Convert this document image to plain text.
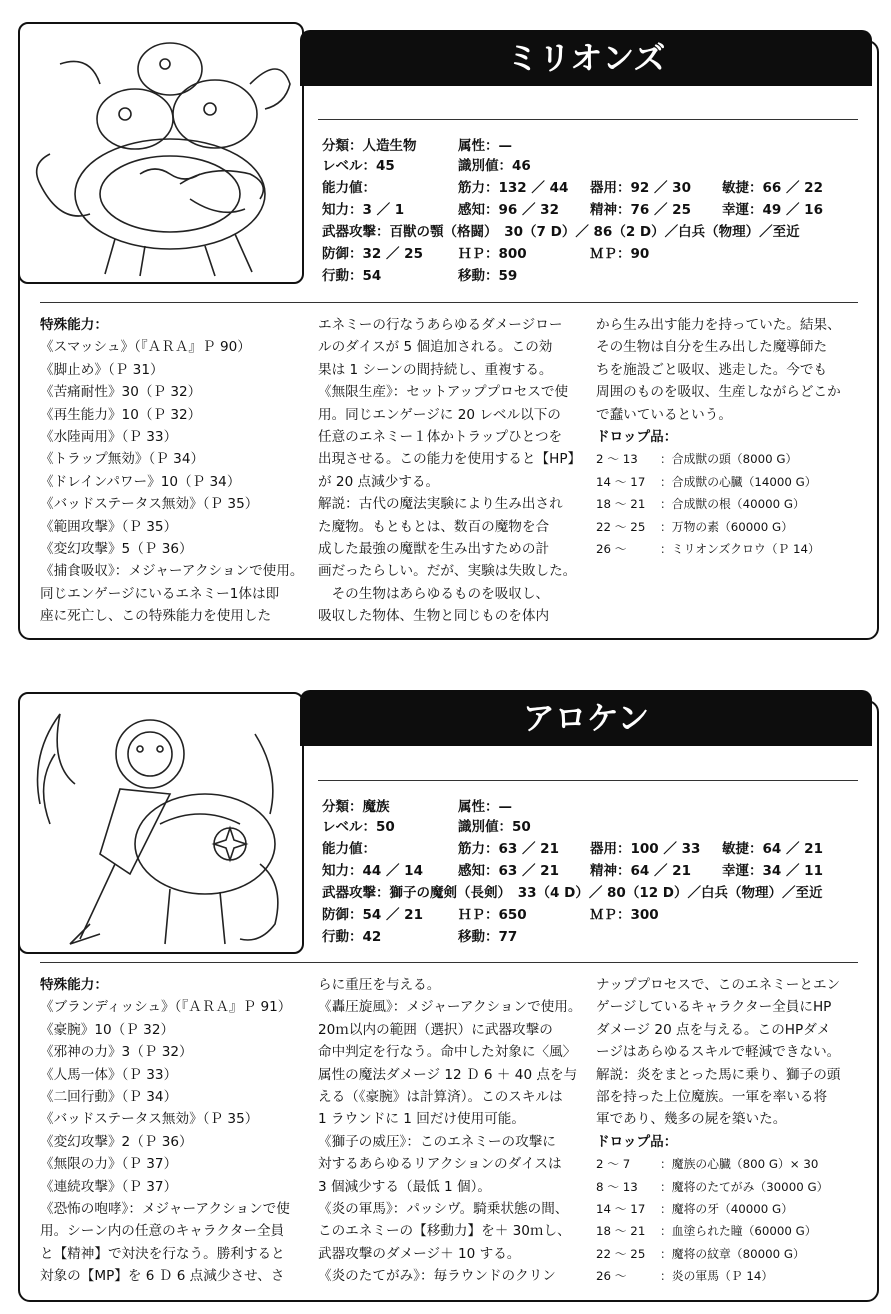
ミリオンズ
分類：人造生物	属性：—
レベル：45	識別値：46
能力値：	筋力：132 ／ 44 器用：92 ／ 30 敏捷：66 ／ 22
知力：3 ／ 1	感知：96 ／ 32 精神：76 ／ 25 幸運：49 ／ 16
武器攻撃：百獣の顎（格闘）　30（7 D）／ 86（2 D）／白兵（物理）／至近
防御：32 ／ 25	ＨＰ：800	ＭＰ：90
行動：54	移動：59

特殊能力：

《スマッシュ》（『ＡＲＡ』Ｐ 90）

《脚止め》（Ｐ 31）

《苦痛耐性》30（Ｐ 32）

《再生能力》10（Ｐ 32）

《水陸両用》（Ｐ 33）

《トラップ無効》（Ｐ 34）

《ドレインパワー》10（Ｐ 34）

《バッドステータス無効》（Ｐ 35）

《範囲攻撃》（Ｐ 35）

《変幻攻撃》5（Ｐ 36）

《捕食吸収》：メジャーアクションで使用。

同じエンゲージにいるエネミー1体は即

座に死亡し、この特殊能力を使用した

エネミーの行なうあらゆるダメージロー

ルのダイスが 5 個追加される。この効

果は 1 シーンの間持続し、重複する。

《無限生産》：セットアッププロセスで使

用。同じエンゲージに 20 レベル以下の

任意のエネミー１体かトラップひとつを

出現させる。この能力を使用すると【HP】

が 20 点減少する。

解説：古代の魔法実験により生み出され

た魔物。もともとは、数百の魔物を合

成した最強の魔獣を生み出すための計

画だったらしい。だが、実験は失敗した。

　その生物はあらゆるものを吸収し、

吸収した物体、生物と同じものを体内

から生み出す能力を持っていた。結果、

その生物は自分を生み出した魔導師た

ちを施設ごと吸収、逃走した。今でも

周囲のものを吸収、生産しながらどこか

で蠢いているという。

ドロップ品：

2 〜 13 ：合成獣の頭（8000 G）

14 〜 17 ：合成獣の心臓（14000 G）

18 〜 21 ：合成獣の根（40000 G）

22 〜 25 ：万物の素（60000 G）

26 〜	：ミリオンズクロウ（Ｐ 14）

アロケン
分類：魔族	属性：—
レベル：50	識別値：50
能力値：	筋力：63 ／ 21 器用：100 ／ 33 敏捷：64 ／ 21
知力：44 ／ 14	感知：63 ／ 21 精神：64 ／ 21 幸運：34 ／ 11
武器攻撃：獅子の魔剣（長剣）　33（4 D）／ 80（12 D）／白兵（物理）／至近
防御：54 ／ 21	ＨＰ：650	ＭＰ：300
行動：42	移動：77

特殊能力：

《ブランディッシュ》（『ＡＲＡ』Ｐ 91）

《豪腕》10（Ｐ 32）

《邪神の力》3（Ｐ 32）

《人馬一体》（Ｐ 33）

《二回行動》（Ｐ 34）

《バッドステータス無効》（Ｐ 35）

《変幻攻撃》2（Ｐ 36）

《無限の力》（Ｐ 37）

《連続攻撃》（Ｐ 37）

《恐怖の咆哮》：メジャーアクションで使

用。シーン内の任意のキャラクター全員

と【精神】で対決を行なう。勝利すると

対象の【MP】を 6 Ｄ 6 点減少させ、さ

らに重圧を与える。

《轟圧旋風》：メジャーアクションで使用。

20ｍ以内の範囲（選択）に武器攻撃の

命中判定を行なう。命中した対象に〈風〉

属性の魔法ダメージ 12 Ｄ 6 ＋ 40 点を与

える（《豪腕》は計算済）。このスキルは

1 ラウンドに 1 回だけ使用可能。

《獅子の威圧》：このエネミーの攻撃に

対するあらゆるリアクションのダイスは

3 個減少する（最低 1 個）。

《炎の軍馬》：パッシヴ。騎乗状態の間、

このエネミーの【移動力】を＋ 30ｍし、

武器攻撃のダメージ＋ 10 する。

《炎のたてがみ》：毎ラウンドのクリン

ナッププロセスで、このエネミーとエン

ゲージしているキャラクター全員にHP

ダメージ 20 点を与える。このHPダメ

ージはあらゆるスキルで軽減できない。

解説：炎をまとった馬に乗り、獅子の頭

部を持った上位魔族。一軍を率いる将

軍であり、幾多の屍を築いた。

ドロップ品：

2 〜 7	：魔族の心臓（800 G）× 30

8 〜 13 ：魔将のたてがみ（30000 G）

14 〜 17 ：魔将の牙（40000 G）

18 〜 21 ：血塗られた瞳（60000 G）

22 〜 25 ：魔将の紋章（80000 G）

26 〜	：炎の軍馬（Ｐ 14）
